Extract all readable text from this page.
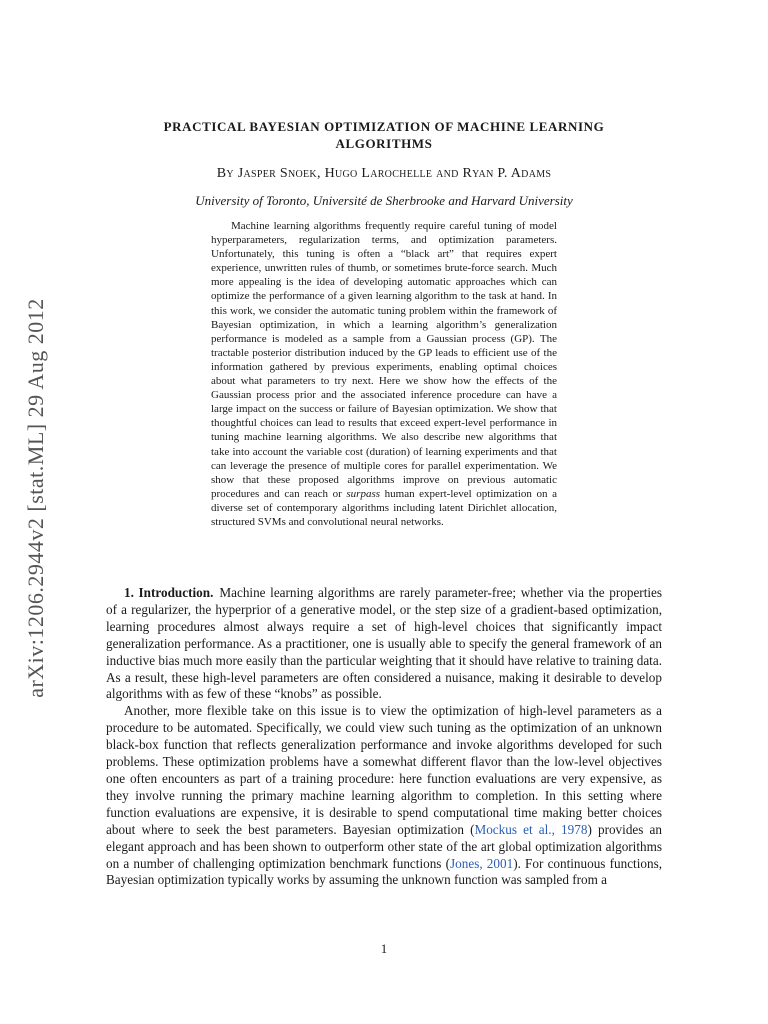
arXiv:1206.2944v2 [stat.ML] 29 Aug 2012
PRACTICAL BAYESIAN OPTIMIZATION OF MACHINE LEARNING
ALGORITHMS
By Jasper Snoek, Hugo Larochelle and Ryan P. Adams
University of Toronto, Université de Sherbrooke and Harvard University

Machine learning algorithms frequently require careful tuning of model hyperparameters, regularization terms, and optimization parameters. Unfortunately, this tuning is often a “black art” that requires expert experience, unwritten rules of thumb, or sometimes brute-force search. Much more appealing is the idea of developing automatic approaches which can optimize the performance of a given learning algorithm to the task at hand. In this work, we consider the automatic tuning problem within the framework of Bayesian optimization, in which a learning algorithm’s generalization performance is modeled as a sample from a Gaussian process (GP). The tractable posterior distribution induced by the GP leads to efficient use of the information gathered by previous experiments, enabling optimal choices about what parameters to try next. Here we show how the effects of the Gaussian process prior and the associated inference procedure can have a large impact on the success or failure of Bayesian optimization. We show that thoughtful choices can lead to results that exceed expert-level performance in tuning machine learning algorithms. We also describe new algorithms that take into account the variable cost (duration) of learning experiments and that can leverage the presence of multiple cores for parallel experimentation. We show that these proposed algorithms improve on previous automatic procedures and can reach or surpass human expert-level optimization on a diverse set of contemporary algorithms including latent Dirichlet allocation, structured SVMs and convolutional neural networks.

1. Introduction. Machine learning algorithms are rarely parameter-free; whether via the properties of a regularizer, the hyperprior of a generative model, or the step size of a gradient-based optimization, learning procedures almost always require a set of high-level choices that significantly impact generalization performance. As a practitioner, one is usually able to specify the general framework of an inductive bias much more easily than the particular weighting that it should have relative to training data. As a result, these high-level parameters are often considered a nuisance, making it desirable to develop algorithms with as few of these “knobs” as possible.

Another, more flexible take on this issue is to view the optimization of high-level parameters as a procedure to be automated. Specifically, we could view such tuning as the optimization of an unknown black-box function that reflects generalization performance and invoke algorithms developed for such problems. These optimization problems have a somewhat different flavor than the low-level objectives one often encounters as part of a training procedure: here function evaluations are very expensive, as they involve running the primary machine learning algorithm to completion. In this setting where function evaluations are expensive, it is desirable to spend computational time making better choices about where to seek the best parameters. Bayesian optimization (Mockus et al., 1978) provides an elegant approach and has been shown to outperform other state of the art global optimization algorithms on a number of challenging optimization benchmark functions (Jones, 2001). For continuous functions, Bayesian optimization typically works by assuming the unknown function was sampled from a

1
